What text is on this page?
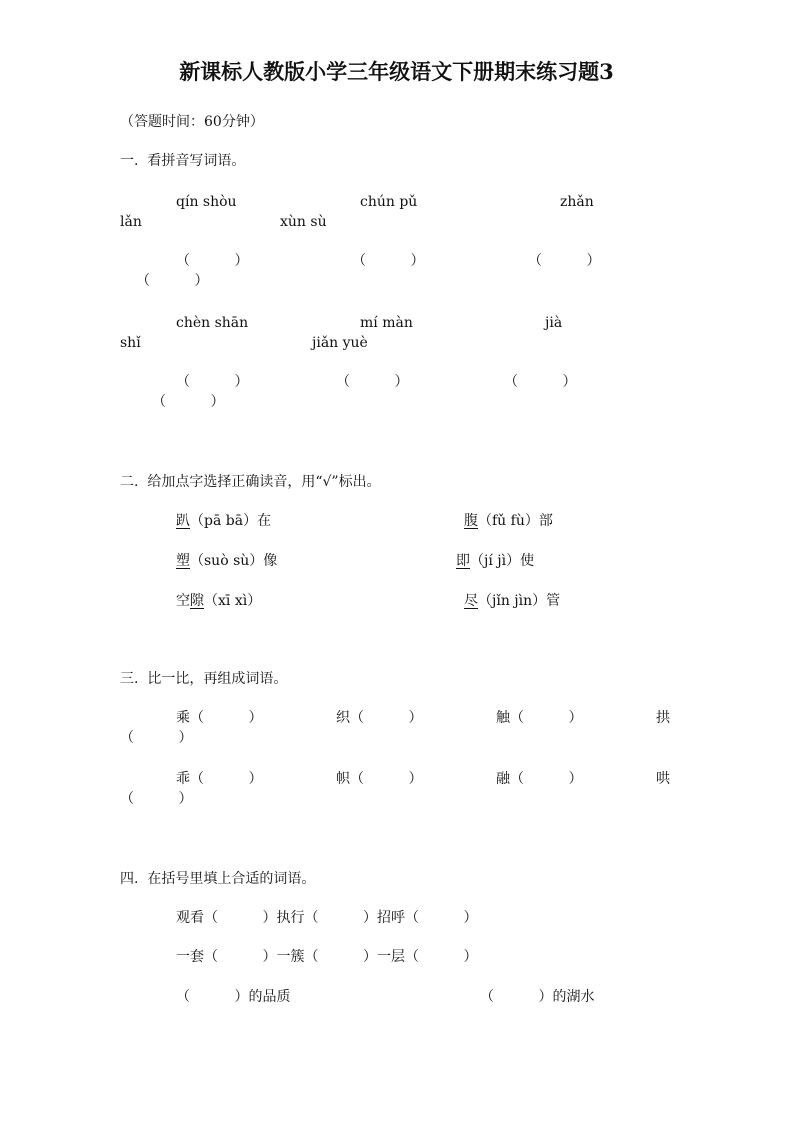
新课标人教版小学三年级语文下册期末练习题3
（答题时间：60分钟）
一.  看拼音写词语。
qín shòu	chún pǔ	zhǎn
lǎn	xùn sù
（          ）	（          ）	（          ）
（          ）
chèn shān	mí màn	jià
shǐ	jiǎn yuè
（          ）	（          ）	（          ）
（          ）
二.  给加点字选择正确读音，用“√”标出。
趴（pā bā）在	腹（fǔ fù）部
塑（suò sù）像	即（jí jì）使
空隙（xī xì）	尽（jǐn jìn）管
三.  比一比，再组成词语。
乘（          ）	织（          ）	触（          ）	拱
（          ）
乖（          ）	帜（          ）	融（          ）	哄
（          ）
四.  在括号里填上合适的词语。
观看（          ）执行（          ）招呼（          ）
一套（          ）一簇（          ）一层（          ）
（          ）的品质	（          ）的湖水
